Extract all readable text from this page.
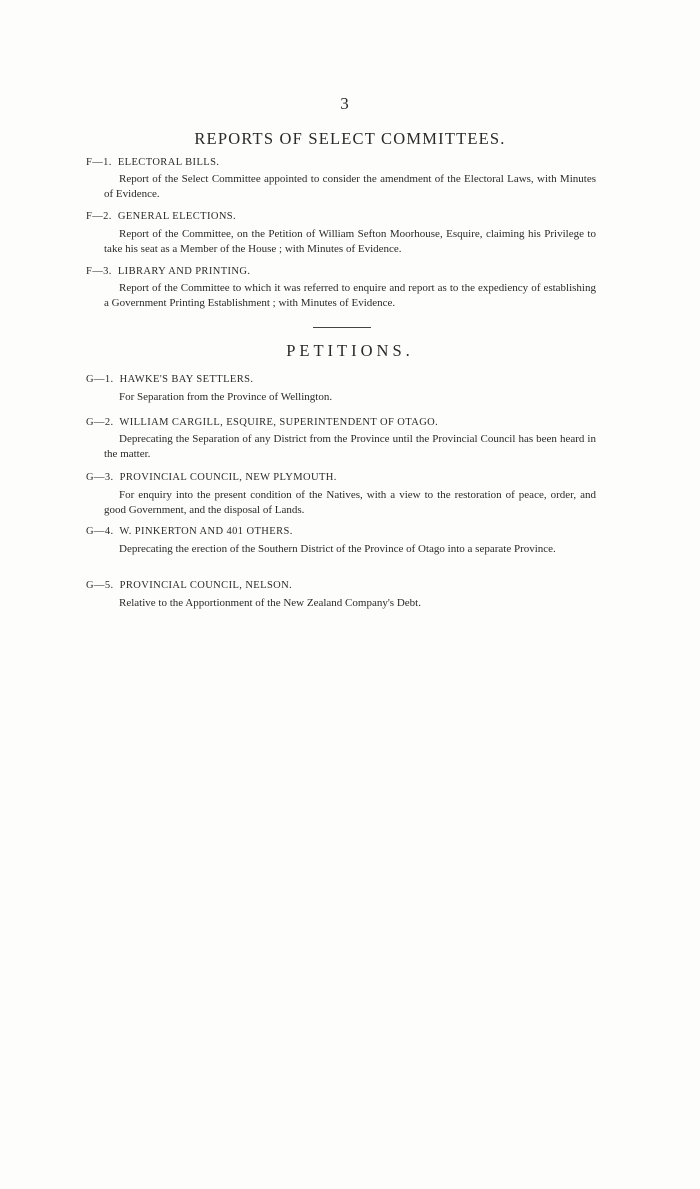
3
REPORTS OF SELECT COMMITTEES.
F—1. ELECTORAL BILLS.
Report of the Select Committee appointed to consider the amendment of the Electoral Laws, with Minutes of Evidence.
F—2. GENERAL ELECTIONS.
Report of the Committee, on the Petition of William Sefton Moorhouse, Esquire, claiming his Privilege to take his seat as a Member of the House ; with Minutes of Evidence.
F—3. LIBRARY AND PRINTING.
Report of the Committee to which it was referred to enquire and report as to the expediency of establishing a Government Printing Establishment ; with Minutes of Evidence.
PETITIONS.
G—1. HAWKE'S BAY SETTLERS.
For Separation from the Province of Wellington.
G—2. WILLIAM CARGILL, ESQUIRE, SUPERINTENDENT OF OTAGO.
Deprecating the Separation of any District from the Province until the Provincial Council has been heard in the matter.
G—3. PROVINCIAL COUNCIL, NEW PLYMOUTH.
For enquiry into the present condition of the Natives, with a view to the restoration of peace, order, and good Government, and the disposal of Lands.
G—4. W. PINKERTON AND 401 OTHERS.
Deprecating the erection of the Southern District of the Province of Otago into a separate Province.
G—5. PROVINCIAL COUNCIL, NELSON.
Relative to the Apportionment of the New Zealand Company's Debt.
